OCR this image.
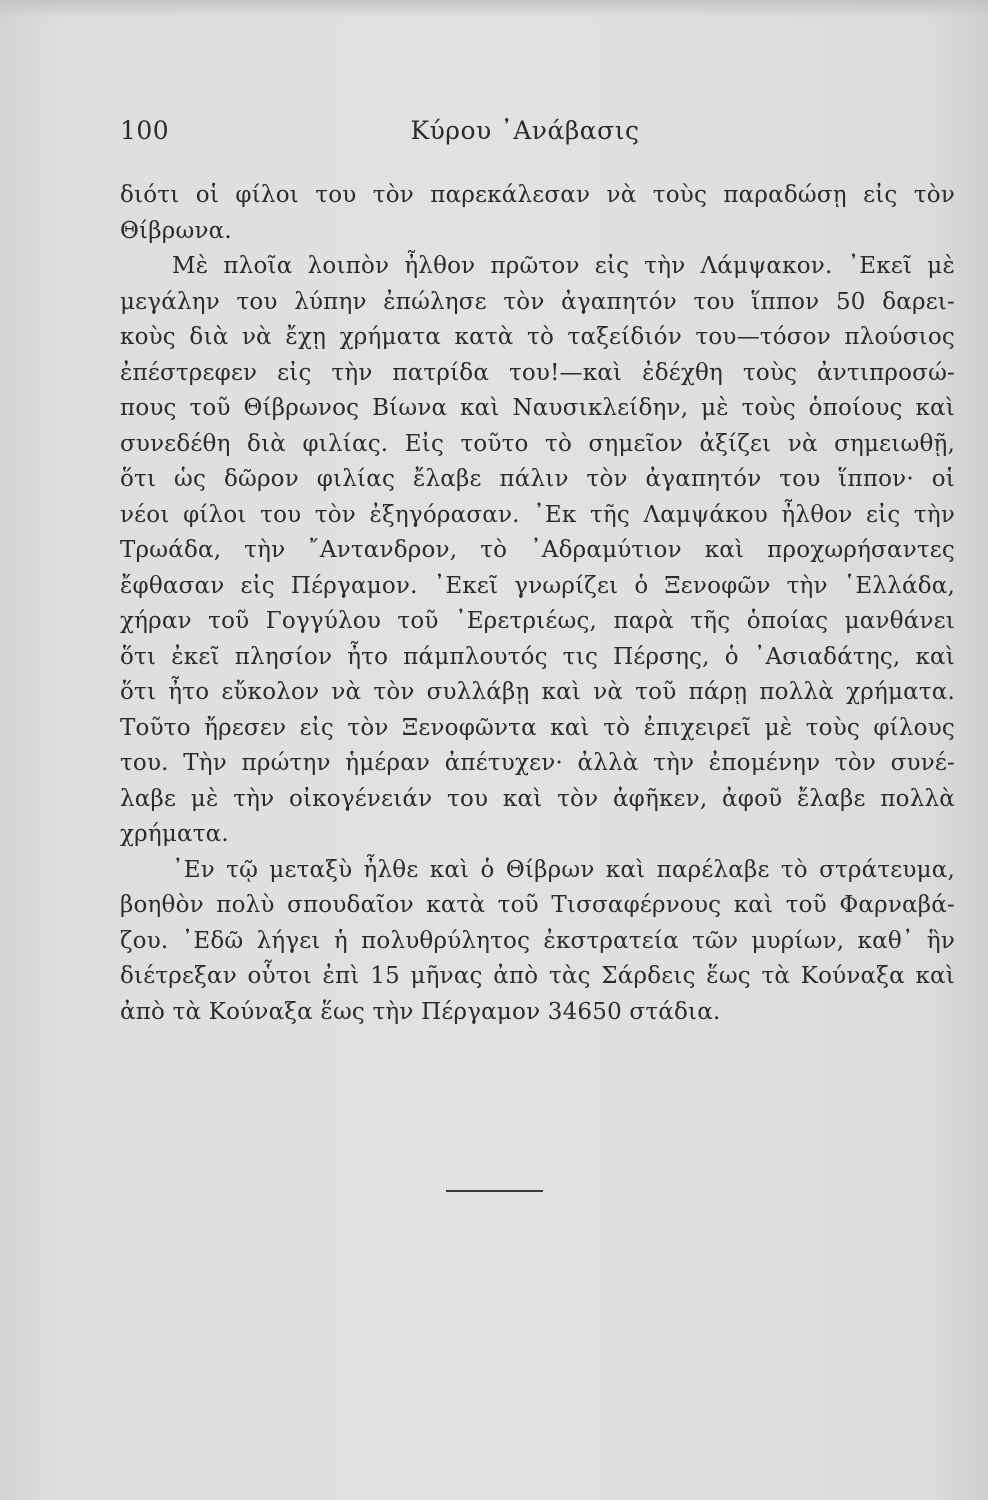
100	Κύρου ᾿Ανάβασις
διότι οἱ φίλοι του τὸν παρεκάλεσαν νὰ τοὺς παραδώσῃ εἰς τὸν
Θίβρωνα.
Μὲ πλοῖα λοιπὸν ἦλθον πρῶτον εἰς τὴν Λάμψακον. ᾿Εκεῖ μὲ
μεγάλην του λύπην ἐπώλησε τὸν ἀγαπητόν του ἵππον 50 δαρει-
κοὺς διὰ νὰ ἔχῃ χρήματα κατὰ τὸ ταξείδιόν του—τόσον πλούσιος
ἐπέστρεφεν εἰς τὴν πατρίδα του!—καὶ ἐδέχθη τοὺς ἀντιπροσώ-
πους τοῦ Θίβρωνος Βίωνα καὶ Ναυσικλείδην, μὲ τοὺς ὁποίους καὶ
συνεδέθη διὰ φιλίας. Εἰς τοῦτο τὸ σημεῖον ἀξίζει νὰ σημειωθῇ,
ὅτι ὡς δῶρον φιλίας ἔλαβε πάλιν τὸν ἀγαπητόν του ἵππον· οἱ
νέοι φίλοι του τὸν ἐξηγόρασαν. ᾿Εκ τῆς Λαμψάκου ἦλθον εἰς τὴν
Τρωάδα, τὴν ῎Αντανδρον, τὸ ᾿Αδραμύτιον καὶ προχωρήσαντες
ἔφθασαν εἰς Πέργαμον. ᾿Εκεῖ γνωρίζει ὁ Ξενοφῶν τὴν ῾Ελλάδα,
χήραν τοῦ Γογγύλου τοῦ ᾿Ερετριέως, παρὰ τῆς ὁποίας μανθάνει
ὅτι ἐκεῖ πλησίον ἦτο πάμπλουτός τις Πέρσης, ὁ ᾿Ασιαδάτης, καὶ
ὅτι ἦτο εὔκολον νὰ τὸν συλλάβῃ καὶ νὰ τοῦ πάρῃ πολλὰ χρήματα.
Τοῦτο ἤρεσεν εἰς τὸν Ξενοφῶντα καὶ τὸ ἐπιχειρεῖ μὲ τοὺς φίλους
του. Τὴν πρώτην ἡμέραν ἀπέτυχεν· ἀλλὰ τὴν ἐπομένην τὸν συνέ-
λαβε μὲ τὴν οἰκογένειάν του καὶ τὸν ἀφῆκεν, ἀφοῦ ἔλαβε πολλὰ
χρήματα.
᾿Εν τῷ μεταξὺ ἦλθε καὶ ὁ Θίβρων καὶ παρέλαβε τὸ στράτευμα,
βοηθὸν πολὺ σπουδαῖον κατὰ τοῦ Τισσαφέρνους καὶ τοῦ Φαρναβά-
ζου. ᾿Εδῶ λήγει ἡ πολυθρύλητος ἐκστρατεία τῶν μυρίων, καθ᾿ ἣν
διέτρεξαν οὗτοι ἐπὶ 15 μῆνας ἀπὸ τὰς Σάρδεις ἕως τὰ Κούναξα καὶ
ἀπὸ τὰ Κούναξα ἕως τὴν Πέργαμον 34650 στάδια.
